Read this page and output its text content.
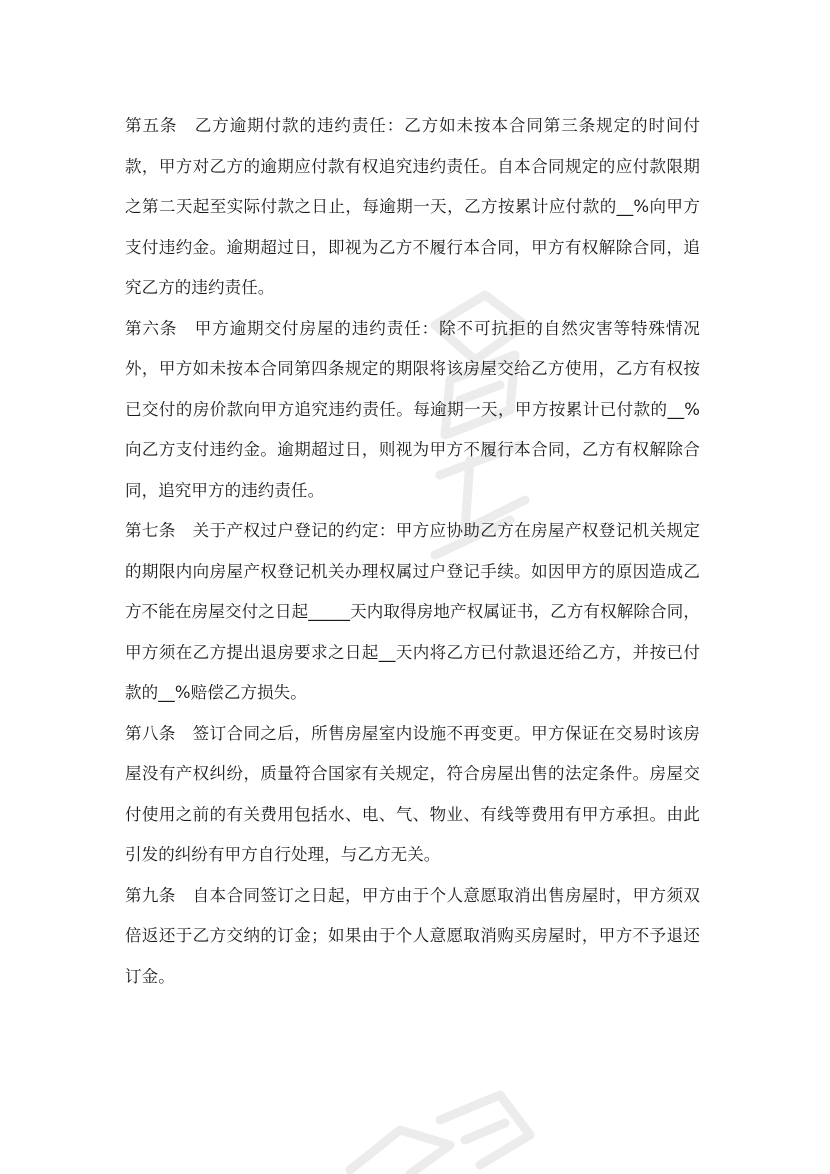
第五条　乙方逾期付款的违约责任：乙方如未按本合同第三条规定的时间付款，甲方对乙方的逾期应付款有权追究违约责任。自本合同规定的应付款限期之第二天起至实际付款之日止，每逾期一天，乙方按累计应付款的__%向甲方支付违约金。逾期超过日，即视为乙方不履行本合同，甲方有权解除合同，追究乙方的违约责任。

第六条　甲方逾期交付房屋的违约责任：除不可抗拒的自然灾害等特殊情况外，甲方如未按本合同第四条规定的期限将该房屋交给乙方使用，乙方有权按已交付的房价款向甲方追究违约责任。每逾期一天，甲方按累计已付款的__%向乙方支付违约金。逾期超过日，则视为甲方不履行本合同，乙方有权解除合同，追究甲方的违约责任。

第七条　关于产权过户登记的约定：甲方应协助乙方在房屋产权登记机关规定的期限内向房屋产权登记机关办理权属过户登记手续。如因甲方的原因造成乙方不能在房屋交付之日起_____天内取得房地产权属证书，乙方有权解除合同，甲方须在乙方提出退房要求之日起__天内将乙方已付款退还给乙方，并按已付款的__%赔偿乙方损失。

第八条　签订合同之后，所售房屋室内设施不再变更。甲方保证在交易时该房屋没有产权纠纷，质量符合国家有关规定，符合房屋出售的法定条件。房屋交付使用之前的有关费用包括水、电、气、物业、有线等费用有甲方承担。由此引发的纠纷有甲方自行处理，与乙方无关。

第九条　自本合同签订之日起，甲方由于个人意愿取消出售房屋时，甲方须双倍返还于乙方交纳的订金；如果由于个人意愿取消购买房屋时，甲方不予退还订金。
